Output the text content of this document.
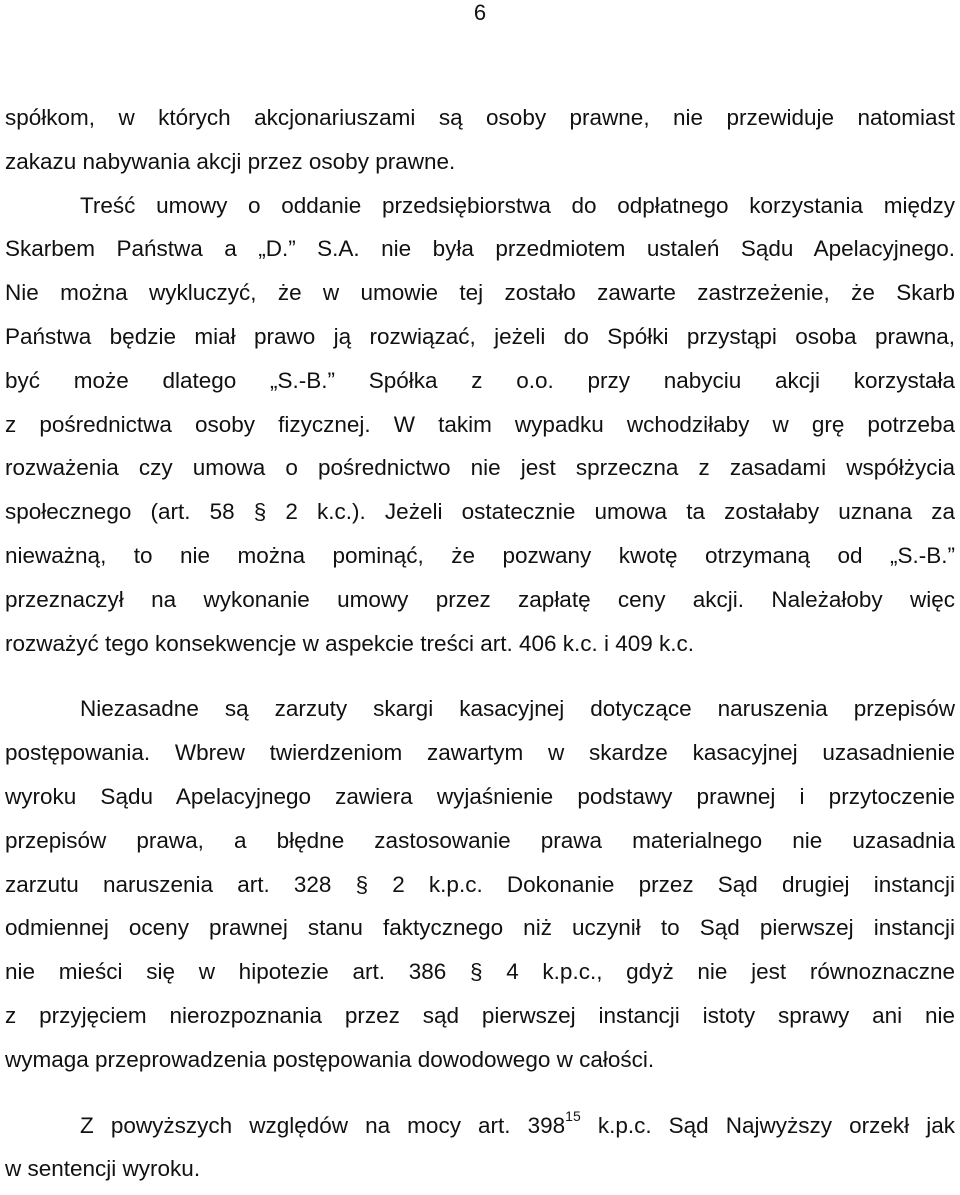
6
spółkom, w których akcjonariuszami są osoby prawne, nie przewiduje natomiast
zakazu nabywania akcji przez osoby prawne.
Treść umowy o oddanie przedsiębiorstwa do odpłatnego korzystania między
Skarbem Państwa a „D.” S.A. nie była przedmiotem ustaleń Sądu Apelacyjnego.
Nie można wykluczyć, że w umowie tej zostało zawarte zastrzeżenie, że Skarb
Państwa będzie miał prawo ją rozwiązać, jeżeli do Spółki przystąpi osoba prawna,
być może dlatego „S.-B.” Spółka z o.o. przy nabyciu akcji korzystała
z pośrednictwa osoby fizycznej. W takim wypadku wchodziłaby w grę potrzeba
rozważenia czy umowa o pośrednictwo nie jest sprzeczna z zasadami współżycia
społecznego (art. 58 § 2 k.c.). Jeżeli ostatecznie umowa ta zostałaby uznana za
nieważną, to nie można pominąć, że pozwany kwotę otrzymaną od „S.-B.”
przeznaczył na wykonanie umowy przez zapłatę ceny akcji. Należałoby więc
rozważyć tego konsekwencje w aspekcie treści art. 406 k.c. i 409 k.c.
Niezasadne są zarzuty skargi kasacyjnej dotyczące naruszenia przepisów
postępowania. Wbrew twierdzeniom zawartym w skardze kasacyjnej uzasadnienie
wyroku Sądu Apelacyjnego zawiera wyjaśnienie podstawy prawnej i przytoczenie
przepisów prawa, a błędne zastosowanie prawa materialnego nie uzasadnia
zarzutu naruszenia art. 328 § 2 k.p.c. Dokonanie przez Sąd drugiej instancji
odmiennej oceny prawnej stanu faktycznego niż uczynił to Sąd pierwszej instancji
nie mieści się w hipotezie art. 386 § 4 k.p.c., gdyż nie jest równoznaczne
z przyjęciem nierozpoznania przez sąd pierwszej instancji istoty sprawy ani nie
wymaga przeprowadzenia postępowania dowodowego w całości.
Z powyższych względów na mocy art. $398^{15}$ k.p.c. Sąd Najwyższy orzekł jak
w sentencji wyroku.
